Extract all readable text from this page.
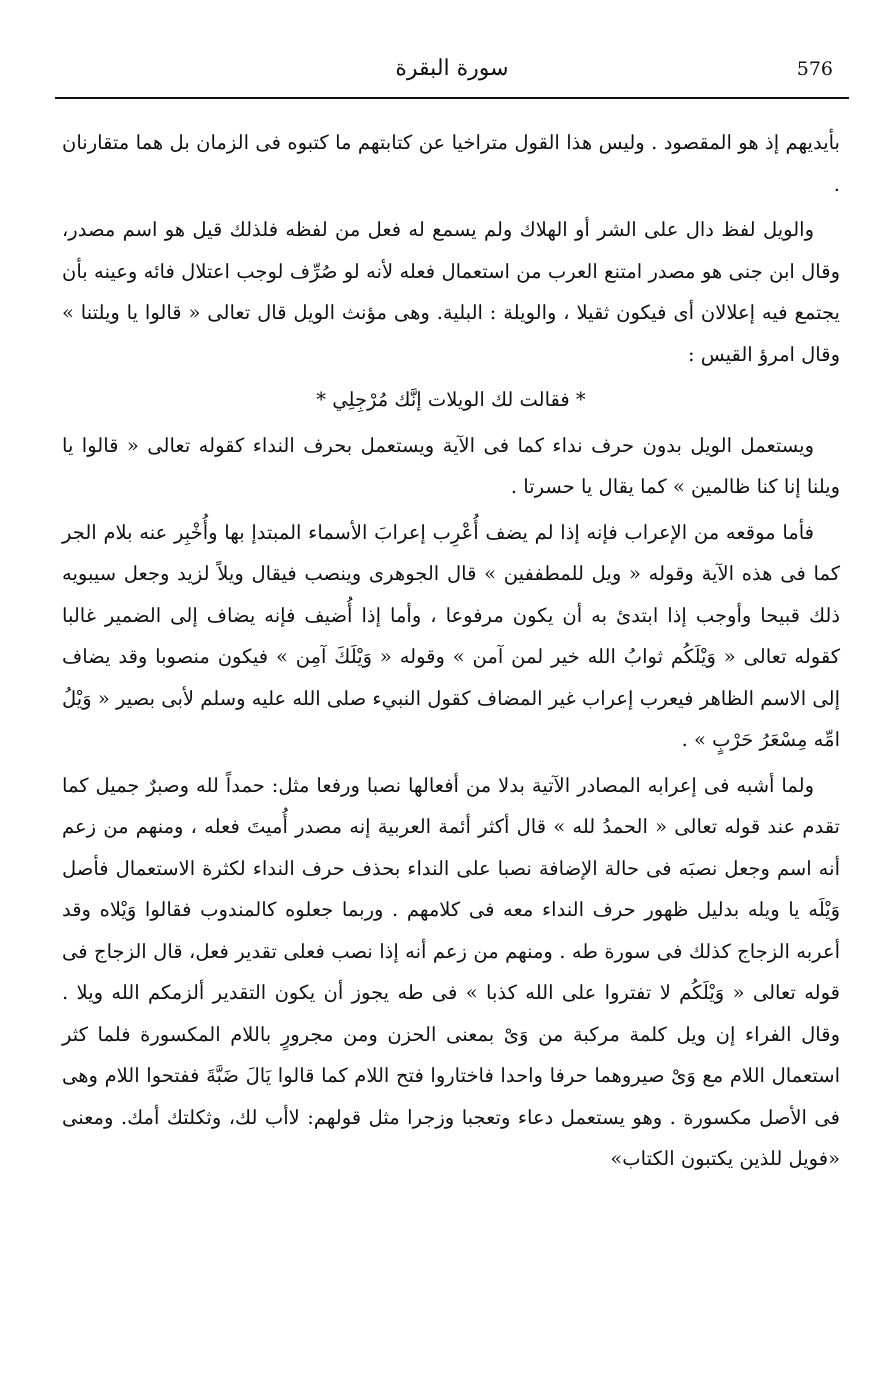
576
سورة البقرة

بأيديهم إذ هو المقصود . وليس هذا القول متراخيا عن كتابتهم ما كتبوه فى الزمان بل هما متقارنان .

والويل لفظ دال على الشر أو الهلاك ولم يسمع له فعل من لفظه فلذلك قيل هو اسم مصدر، وقال ابن جنى هو مصدر امتنع العرب من استعمال فعله لأنه لو صُرِّف لوجب اعتلال فائه وعينه بأن يجتمع فيه إعلالان أى فيكون ثقيلا ، والويلة : البلية. وهى مؤنث الويل قال تعالى « قالوا يا ويلتنا » وقال امرؤ القيس :

* فقالت لك الويلات إنَّك مُرْجِلِي *

ويستعمل الويل بدون حرف نداء كما فى الآية ويستعمل بحرف النداء كقوله تعالى « قالوا يا ويلنا إنا كنا ظالمين » كما يقال يا حسرتا .

فأما موقعه من الإعراب فإنه إذا لم يضف أُعْرِب إعرابَ الأسماء المبتدإ بها وأُخْبِر عنه بلام الجر كما فى هذه الآية وقوله « ويل للمطففين » قال الجوهرى وينصب فيقال ويلاً لزيد وجعل سيبويه ذلك قبيحا وأوجب إذا ابتدئ به أن يكون مرفوعا ، وأما إذا أُضيف فإنه يضاف إلى الضمير غالبا كقوله تعالى « وَيْلَكُم ثوابُ الله خير لمن آمن » وقوله « وَيْلَكَ آمِن » فيكون منصوبا وقد يضاف إلى الاسم الظاهر فيعرب إعراب غير المضاف كقول النبيء صلى الله عليه وسلم لأبى بصير « وَيْلُ امِّه مِسْعَرُ حَرْبٍ » .

ولما أشبه فى إعرابه المصادر الآتية بدلا من أفعالها نصبا ورفعا مثل: حمداً لله وصبرٌ جميل كما تقدم عند قوله تعالى « الحمدُ لله » قال أكثر أئمة العربية إنه مصدر أُميتَ فعله ، ومنهم من زعم أنه اسم وجعل نصبَه فى حالة الإضافة نصبا على النداء بحذف حرف النداء لكثرة الاستعمال فأصل وَيْلَه يا ويله بدليل ظهور حرف النداء معه فى كلامهم . وربما جعلوه كالمندوب فقالوا وَيْلاه وقد أعربه الزجاج كذلك فى سورة طه . ومنهم من زعم أنه إذا نصب فعلى تقدير فعل، قال الزجاج فى قوله تعالى « وَيْلَكُم لا تفتروا على الله كذبا » فى طه يجوز أن يكون التقدير ألزمكم الله ويلا . وقال الفراء إن ويل كلمة مركبة من وَىْ بمعنى الحزن ومن مجرورٍ باللام المكسورة فلما كثر استعمال اللام مع وَىْ صيروهما حرفا واحدا فاختاروا فتح اللام كما قالوا يَالَ ضَبَّةَ ففتحوا اللام وهى فى الأصل مكسورة . وهو يستعمل دعاء وتعجبا وزجرا مثل قولهم: لاأب لك، وثكلتك أمك. ومعنى «فويل للذين يكتبون الكتاب»
